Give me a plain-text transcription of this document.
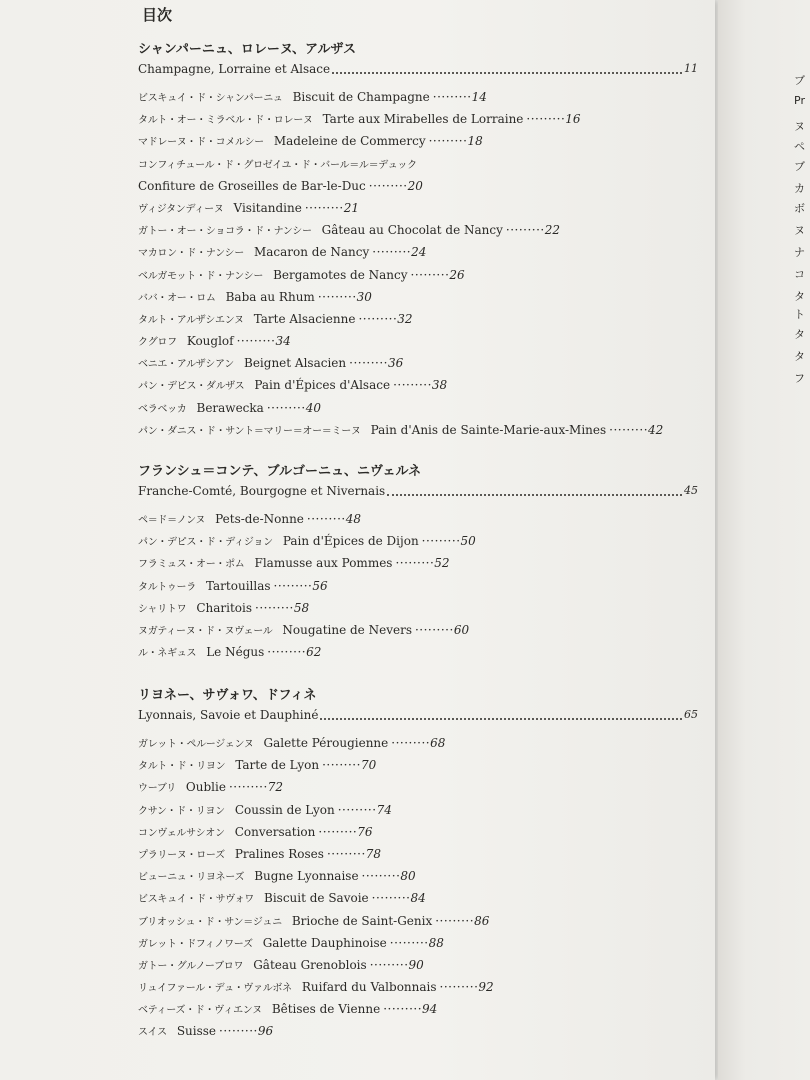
目次
シャンパーニュ、ロレーヌ、アルザス
Champagne, Lorraine et Alsace	11
ビスキュイ・ド・シャンパーニュ Biscuit de Champagne ·········14
タルト・オー・ミラベル・ド・ロレーヌ Tarte aux Mirabelles de Lorraine ·········16
マドレーヌ・ド・コメルシー Madeleine de Commercy ·········18
コンフィチュール・ド・グロゼイユ・ド・バール＝ル＝デュック
Confiture de Groseilles de Bar-le-Duc ·········20
ヴィジタンディーヌ Visitandine ·········21
ガトー・オー・ショコラ・ド・ナンシー Gâteau au Chocolat de Nancy ·········22
マカロン・ド・ナンシー Macaron de Nancy ·········24
ベルガモット・ド・ナンシー Bergamotes de Nancy ·········26
ババ・オー・ロム Baba au Rhum ·········30
タルト・アルザシエンヌ Tarte Alsacienne ·········32
クグロフ Kouglof ·········34
ベニエ・アルザシアン Beignet Alsacien ·········36
パン・デピス・ダルザス Pain d'Épices d'Alsace ·········38
ベラベッカ Berawecka ·········40
パン・ダニス・ド・サント＝マリー＝オー＝ミーヌ Pain d'Anis de Sainte-Marie-aux-Mines ·········42
フランシュ＝コンテ、ブルゴーニュ、ニヴェルネ
Franche-Comté, Bourgogne et Nivernais	45
ペ＝ド＝ノンヌ Pets-de-Nonne ·········48
パン・デピス・ド・ディジョン Pain d'Épices de Dijon ·········50
フラミュス・オー・ポム Flamusse aux Pommes ·········52
タルトゥーラ Tartouillas ·········56
シャリトワ Charitois ·········58
ヌガティーヌ・ド・ヌヴェール Nougatine de Nevers ·········60
ル・ネギュス Le Négus ·········62
リヨネー、サヴォワ、ドフィネ
Lyonnais, Savoie et Dauphiné	65
ガレット・ペルージェンヌ Galette Pérougienne ·········68
タルト・ド・リヨン Tarte de Lyon ·········70
ウーブリ Oublie ·········72
クサン・ド・リヨン Coussin de Lyon ·········74
コンヴェルサシオン Conversation ·········76
プラリーヌ・ローズ Pralines Roses ·········78
ビューニュ・リヨネーズ Bugne Lyonnaise ·········80
ビスキュイ・ド・サヴォワ Biscuit de Savoie ·········84
ブリオッシュ・ド・サン＝ジュニ Brioche de Saint-Genix ·········86
ガレット・ドフィノワーズ Galette Dauphinoise ·········88
ガトー・グルノーブロワ Gâteau Grenoblois ·········90
リュイファール・デュ・ヴァルボネ Ruifard du Valbonnais ·········92
ベティーズ・ド・ヴィエンヌ Bêtises de Vienne ·········94
スイス Suisse ·········96
ブ
Pr
ヌ
ペ
ブ
カ
ボ
ヌ
ナ
コ
タ
ト
タ
タ
フ
